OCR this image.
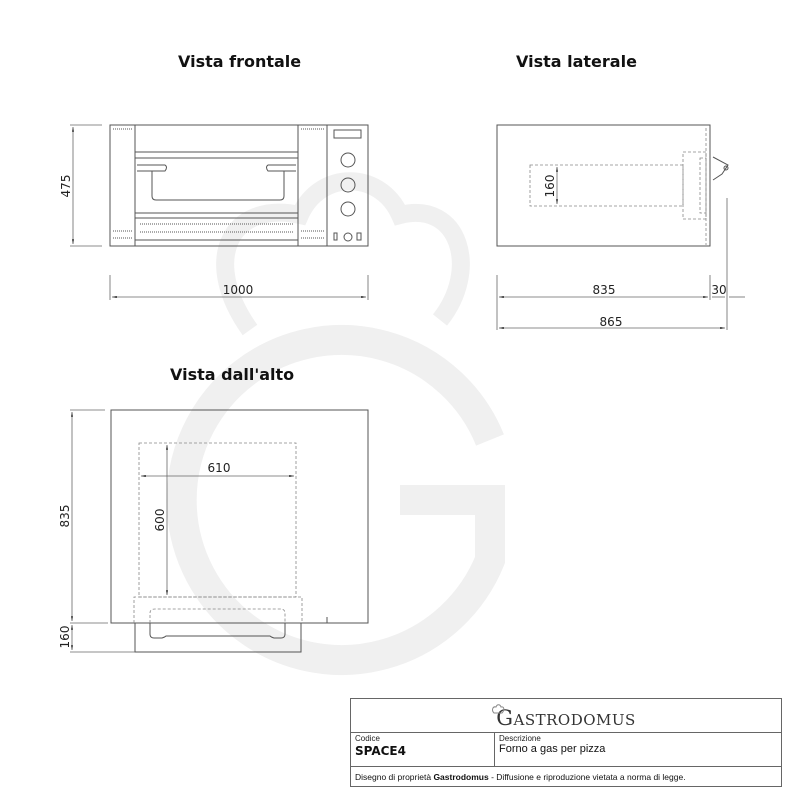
475
1000
160
835	30
865
835
160
610
600
Vista frontale	Vista laterale
Vista dall'alto
GASTRODOMUS
Codice
SPACE4
Descrizione
Forno a gas per pizza
Disegno di proprietà Gastrodomus - Diffusione e riproduzione vietata a norma di legge.
